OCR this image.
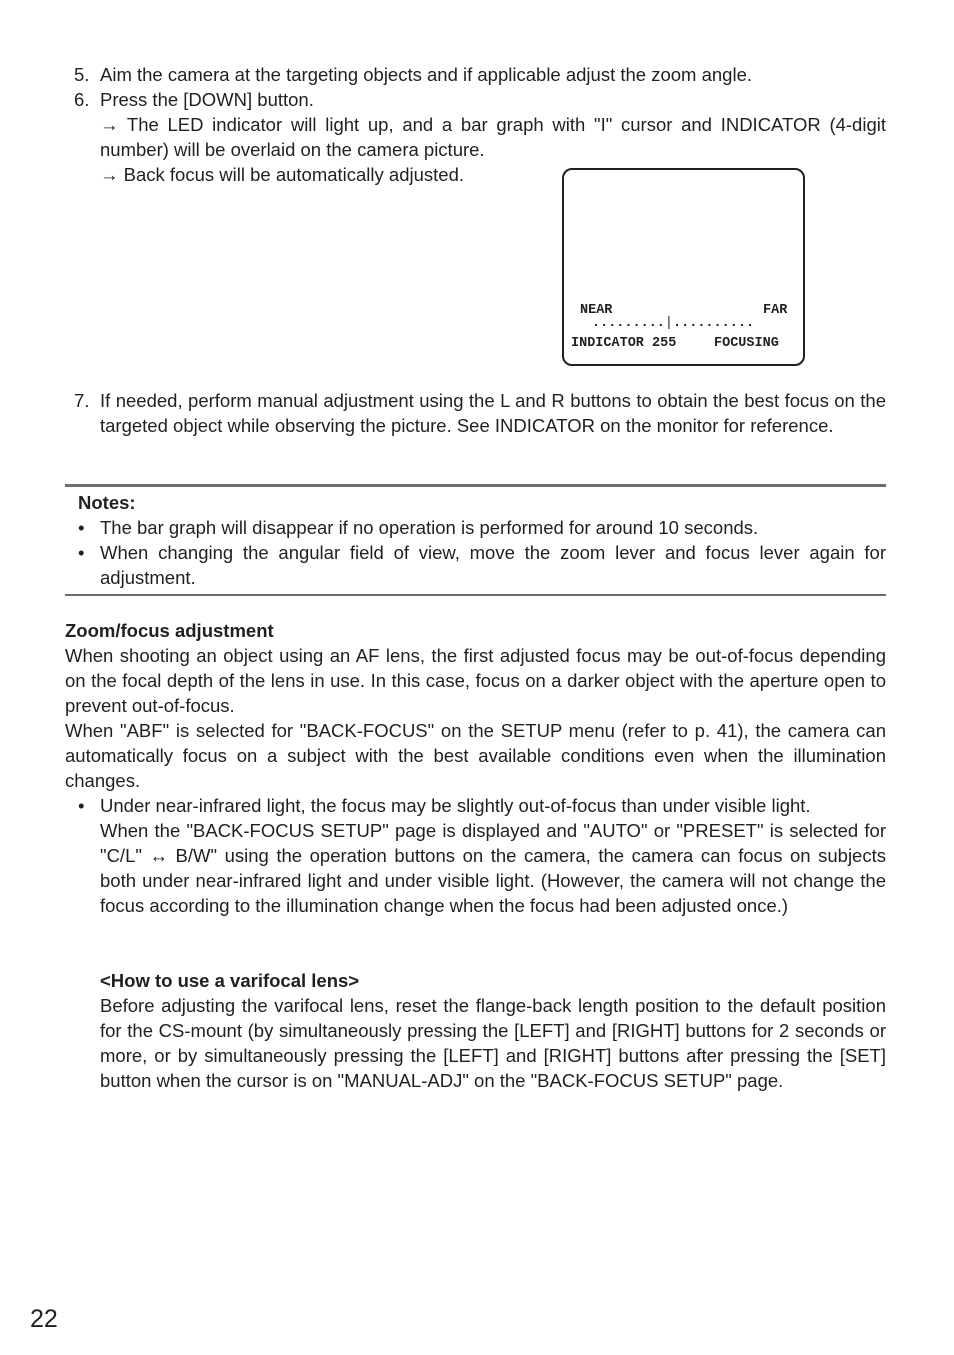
5. Aim the camera at the targeting objects and if applicable adjust the zoom angle.
6. Press the [DOWN] button.
→ The LED indicator will light up, and a bar graph with "I" cursor and INDICATOR (4-digit number) will be overlaid on the camera picture.
→ Back focus will be automatically adjusted.
NEAR	FAR
.........|..........
INDICATOR 255	FOCUSING
7. If needed, perform manual adjustment using the L and R buttons to obtain the best focus on the targeted object while observing the picture. See INDICATOR on the monitor for reference.
Notes:
• The bar graph will disappear if no operation is performed for around 10 seconds.
• When changing the angular field of view, move the zoom lever and focus lever again for adjustment.
Zoom/focus adjustment
When shooting an object using an AF lens, the first adjusted focus may be out-of-focus depending on the focal depth of the lens in use. In this case, focus on a darker object with the aperture open to prevent out-of-focus.
When "ABF" is selected for "BACK-FOCUS" on the SETUP menu (refer to p. 41), the camera can automatically focus on a subject with the best available conditions even when the illumination changes.
• Under near-infrared light, the focus may be slightly out-of-focus than under visible light.
When the "BACK-FOCUS SETUP" page is displayed and "AUTO" or "PRESET" is selected for "C/L" ↔ B/W" using the operation buttons on the camera, the camera can focus on subjects both under near-infrared light and under visible light. (However, the camera will not change the focus according to the illumination change when the focus had been adjusted once.)
<How to use a varifocal lens>
Before adjusting the varifocal lens, reset the flange-back length position to the default position for the CS-mount (by simultaneously pressing the [LEFT] and [RIGHT] buttons for 2 seconds or more, or by simultaneously pressing the [LEFT] and [RIGHT] buttons after pressing the [SET] button when the cursor is on "MANUAL-ADJ" on the "BACK-FOCUS SETUP" page.
22
